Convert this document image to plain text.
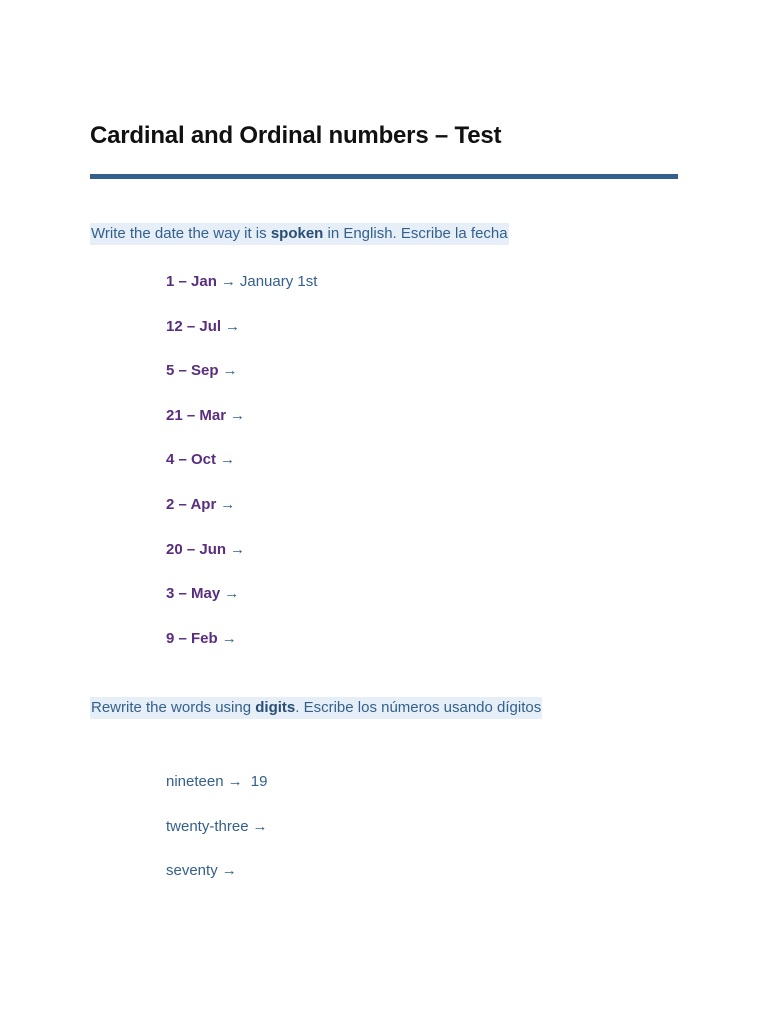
Cardinal and Ordinal numbers – Test
Write the date the way it is spoken in English. Escribe la fecha
1 – Jan → January 1st
12 – Jul →
5 – Sep →
21 – Mar →
4 – Oct →
2 – Apr →
20 – Jun →
3 – May →
9 – Feb →
Rewrite the words using digits. Escribe los números usando dígitos
nineteen → 19
twenty-three →
seventy →
